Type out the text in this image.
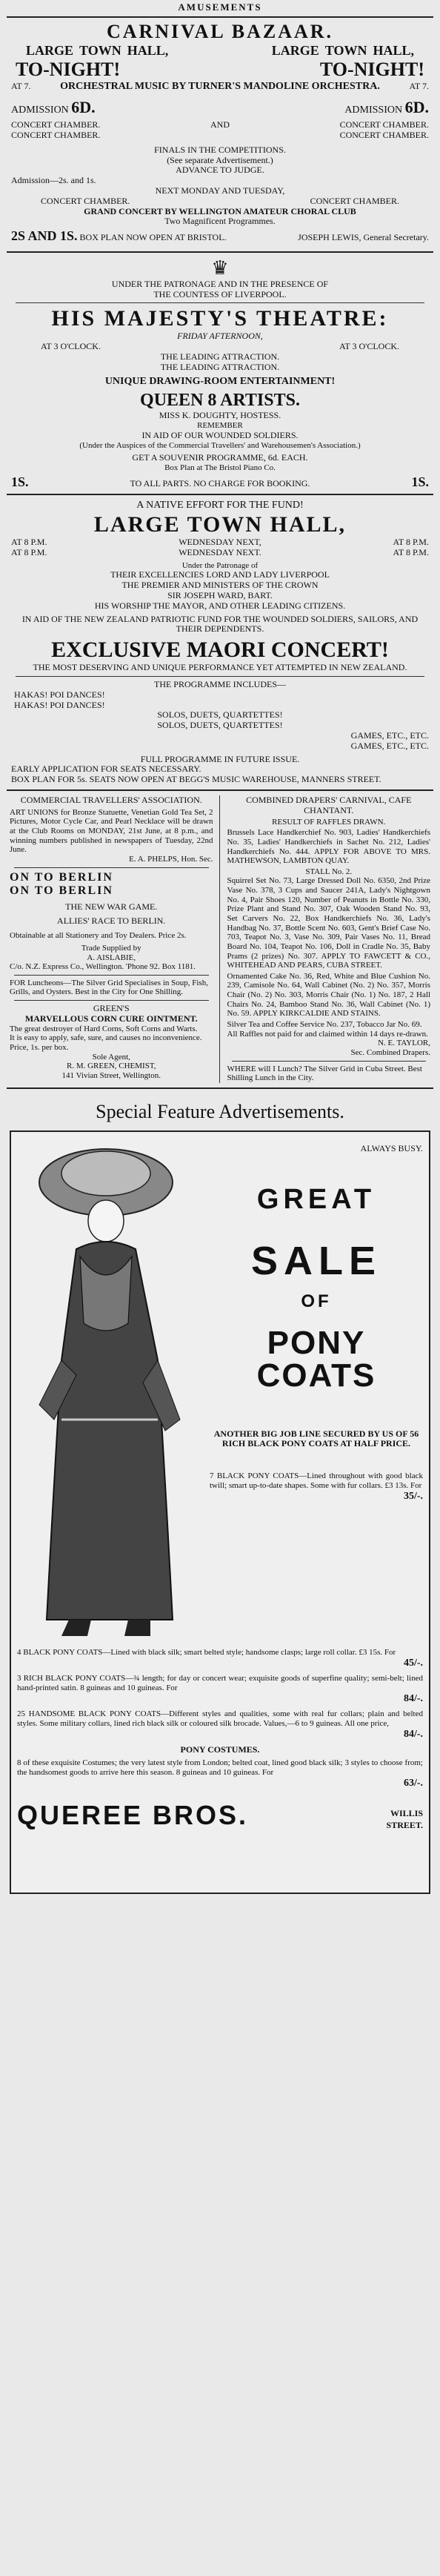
AMUSEMENTS
CARNIVAL BAZAAR.
LARGE TOWN HALL,	LARGE TOWN HALL,
TO-NIGHT!	TO-NIGHT!
AT 7.	ORCHESTRAL MUSIC BY TURNER'S MANDOLINE ORCHESTRA.	AT 7.
ADMISSION 6D.	ADMISSION 6D.
CONCERT CHAMBER.
CONCERT CHAMBER.
AND	CONCERT CHAMBER.
CONCERT CHAMBER.
FINALS IN THE COMPETITIONS.
(See separate Advertisement.)
ADVANCE TO JUDGE.
Admission—2s. and 1s.
NEXT MONDAY AND TUESDAY,
CONCERT CHAMBER.	CONCERT CHAMBER.
GRAND CONCERT BY WELLINGTON AMATEUR CHORAL CLUB
Two Magnificent Programmes.
2S AND 1S. BOX PLAN NOW OPEN AT BRISTOL.	JOSEPH LEWIS, General Secretary.
♛
UNDER THE PATRONAGE AND IN THE PRESENCE OF
THE COUNTESS OF LIVERPOOL.
HIS MAJESTY'S THEATRE:
FRIDAY AFTERNOON,
AT 3 O'CLOCK.	AT 3 O'CLOCK.
THE LEADING ATTRACTION.
THE LEADING ATTRACTION.
UNIQUE DRAWING-ROOM ENTERTAINMENT!
QUEEN 8 ARTISTS.
MISS K. DOUGHTY, HOSTESS.
REMEMBER
IN AID OF OUR WOUNDED SOLDIERS.
(Under the Auspices of the Commercial Travellers' and Warehousemen's Association.)
GET A SOUVENIR PROGRAMME, 6d. EACH.
Box Plan at The Bristol Piano Co.
1S.	TO ALL PARTS. NO CHARGE FOR BOOKING.	1S.
A NATIVE EFFORT FOR THE FUND!
LARGE TOWN HALL,
AT 8 P.M.	WEDNESDAY NEXT,	AT 8 P.M.
AT 8 P.M.	WEDNESDAY NEXT.	AT 8 P.M.
Under the Patronage of
THEIR EXCELLENCIES LORD AND LADY LIVERPOOL
THE PREMIER AND MINISTERS OF THE CROWN
SIR JOSEPH WARD, BART.
HIS WORSHIP THE MAYOR, AND OTHER LEADING CITIZENS.
IN AID OF THE NEW ZEALAND PATRIOTIC FUND FOR THE WOUNDED SOLDIERS, SAILORS, AND THEIR DEPENDENTS.
EXCLUSIVE MAORI CONCERT!
THE MOST DESERVING AND UNIQUE PERFORMANCE YET ATTEMPTED IN NEW ZEALAND.
THE PROGRAMME INCLUDES—
HAKAS! POI DANCES!
HAKAS! POI DANCES!
SOLOS, DUETS, QUARTETTES!
SOLOS, DUETS, QUARTETTES!
GAMES, ETC., ETC.
GAMES, ETC., ETC.
FULL PROGRAMME IN FUTURE ISSUE.
EARLY APPLICATION FOR SEATS NECESSARY.
BOX PLAN FOR 5s. SEATS NOW OPEN AT BEGG'S MUSIC WAREHOUSE, MANNERS STREET.
COMMERCIAL TRAVELLERS' ASSOCIATION.
ART UNIONS for Bronze Statuette, Venetian Gold Tea Set, 2 Pictures, Motor Cycle Car, and Pearl Necklace will be drawn at the Club Rooms on MONDAY, 21st June, at 8 p.m., and winning numbers published in newspapers of Tuesday, 22nd June.
E. A. PHELPS, Hon. Sec.
ON TO BERLIN
ON TO BERLIN
THE NEW WAR GAME.
ALLIES' RACE TO BERLIN.
Obtainable at all Stationery and Toy Dealers. Price 2s.
Trade Supplied by
A. AISLABIE,
C/o. N.Z. Express Co., Wellington. 'Phone 92. Box 1181.
FOR Luncheons—The Silver Grid Specialises in Soup, Fish, Grills, and Oysters. Best in the City for One Shilling.
GREEN'S
MARVELLOUS CORN CURE OINTMENT.
The great destroyer of Hard Corns, Soft Corns and Warts.
It is easy to apply, safe, sure, and causes no inconvenience. Price, 1s. per box.
Sole Agent,
R. M. GREEN, CHEMIST,
141 Vivian Street, Wellington.
COMBINED DRAPERS' CARNIVAL, CAFE CHANTANT.
RESULT OF RAFFLES DRAWN.
Brussels Lace Handkerchief No. 903, Ladies' Handkerchiefs No. 35, Ladies' Handkerchiefs in Sachet No. 212, Ladies' Handkerchiefs No. 444. APPLY FOR ABOVE TO MRS. MATHEWSON, LAMBTON QUAY.
STALL No. 2.
Squirrel Set No. 73, Large Dressed Doll No. 6350, 2nd Prize Vase No. 378, 3 Cups and Saucer 241A, Lady's Nightgown No. 4, Pair Shoes 120, Number of Peanuts in Bottle No. 330, Prize Plant and Stand No. 307, Oak Wooden Stand No. 93, Set Carvers No. 22, Box Handkerchiefs No. 36, Lady's Handbag No. 37, Bottle Scent No. 603, Gent's Brief Case No. 703, Teapot No. 3, Vase No. 309, Pair Vases No. 11, Bread Board No. 104, Teapot No. 106, Doll in Cradle No. 35, Baby Prams (2 prizes) No. 307. APPLY TO FAWCETT & CO., WHITEHEAD AND PEARS, CUBA STREET.
Ornamented Cake No. 36, Red, White and Blue Cushion No. 239, Camisole No. 64, Wall Cabinet (No. 2) No. 357, Morris Chair (No. 2) No. 303, Morris Chair (No. 1) No. 187, 2 Hall Chairs No. 24, Bamboo Stand No. 36, Wall Cabinet (No. 1) No. 59. APPLY KIRKCALDIE AND STAINS.
Silver Tea and Coffee Service No. 237, Tobacco Jar No. 69.
All Raffles not paid for and claimed within 14 days re-drawn.
N. E. TAYLOR,
Sec. Combined Drapers.
WHERE will I Lunch? The Silver Grid in Cuba Street. Best Shilling Lunch in the City.
Special Feature Advertisements.
ALWAYS BUSY.
GREAT
SALE
OF
PONY COATS
ANOTHER BIG JOB LINE SECURED BY US OF 56 RICH BLACK PONY COATS AT HALF PRICE.
7 BLACK PONY COATS—Lined throughout with good black twill; smart up-to-date shapes. Some with fur collars. £3 13s. For
35/-.
4 BLACK PONY COATS—Lined with black silk; smart belted style; handsome clasps; large roll collar. £3 15s. For
45/-.
3 RICH BLACK PONY COATS—¾ length; for day or concert wear; exquisite goods of superfine quality; semi-belt; lined hand-printed satin. 8 guineas and 10 guineas. For
84/-.
25 HANDSOME BLACK PONY COATS—Different styles and qualities, some with real fur collars; plain and belted styles. Some military collars, lined rich black silk or coloured silk brocade. Values,—6 to 9 guineas. All one price,
84/-.
PONY COSTUMES.
8 of these exquisite Costumes; the very latest style from London; belted coat, lined good black silk; 3 styles to choose from; the handsomest goods to arrive here this season. 8 guineas and 10 guineas. For
63/-.
QUEREE BROS.	WILLIS
STREET.
